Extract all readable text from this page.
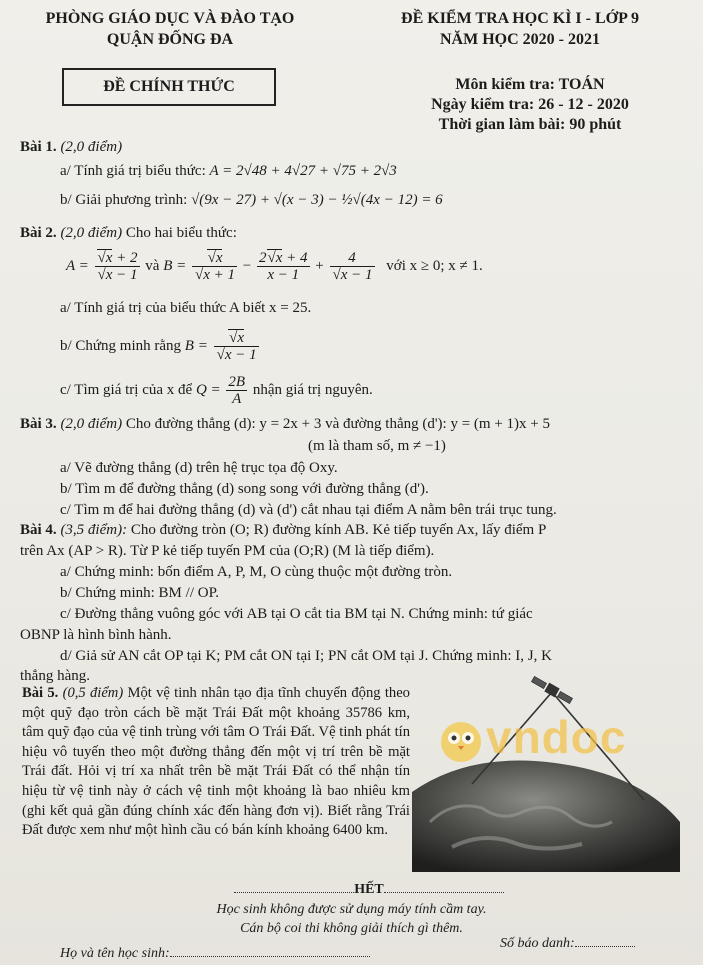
PHÒNG GIÁO DỤC VÀ ĐÀO TẠO
QUẬN ĐỐNG ĐA
ĐỀ KIỂM TRA HỌC KÌ I - LỚP 9
NĂM HỌC 2020 - 2021
ĐỀ CHÍNH THỨC	Môn kiểm tra: TOÁN
Ngày kiểm tra: 26 - 12 - 2020
Thời gian làm bài: 90 phút
Bài 1. (2,0 điểm)
a/ Tính giá trị biểu thức: A = 2√48 + 4√27 + √75 + 2√3
b/ Giải phương trình: √(9x − 27) + √(x − 3) − ½√(4x − 12) = 6
Bài 2. (2,0 điểm) Cho hai biểu thức:
A = √ x + 2
√ x − 1 và B = √ x
√ $x + 1 - \frac{2 √ x + 4}{x - 1} + 4$
√ x − 1 với x ≥ 0; x ≠ 1.
a/ Tính giá trị của biểu thức A biết x = 25.
b/ Chứng minh rằng B = √ x
√ x − 1
c/ Tìm giá trị của x để $Q = \frac{2B}{A}$ nhận giá trị nguyên.
Bài 3. (2,0 điểm) Cho đường thẳng (d): y = 2x + 3 và đường thẳng (d'): y = (m + 1)x + 5
(m là tham số, m ≠ −1)
a/ Vẽ đường thẳng (d) trên hệ trục tọa độ Oxy.
b/ Tìm m để đường thẳng (d) song song với đường thẳng (d').
c/ Tìm m để hai đường thẳng (d) và (d') cắt nhau tại điểm A nằm bên trái trục tung.
Bài 4. (3,5 điểm): Cho đường tròn (O; R) đường kính AB. Kẻ tiếp tuyến Ax, lấy điểm P
trên Ax (AP > R). Từ P kẻ tiếp tuyến PM của (O;R) (M là tiếp điểm).
a/ Chứng minh: bốn điểm A, P, M, O cùng thuộc một đường tròn.
b/ Chứng minh: BM // OP.
c/ Đường thẳng vuông góc với AB tại O cắt tia BM tại N. Chứng minh: tứ giác
OBNP là hình bình hành.
d/ Giả sử AN cắt OP tại K; PM cắt ON tại I; PN cắt OM tại J. Chứng minh: I, J, K
thẳng hàng.
Bài 5. (0,5 điểm) Một vệ tinh nhân tạo địa tĩnh chuyển động theo một quỹ đạo tròn cách bề mặt Trái Đất một khoảng 35786 km, tâm quỹ đạo của vệ tinh trùng với tâm O Trái Đất. Vệ tinh phát tín hiệu vô tuyến theo một đường thẳng đến một vị trí trên bề mặt Trái đất. Hỏi vị trí xa nhất trên bề mặt Trái Đất có thể nhận tín hiệu từ vệ tinh này ở cách vệ tinh một khoảng là bao nhiêu km (ghi kết quả gần đúng chính xác đến hàng đơn vị). Biết rằng Trái Đất được xem như một hình cầu có bán kính khoảng 6400 km.
vndoc
HẾT
Học sinh không được sử dụng máy tính cầm tay.
Cán bộ coi thi không giải thích gì thêm.
Họ và tên học sinh:
Số báo danh:
